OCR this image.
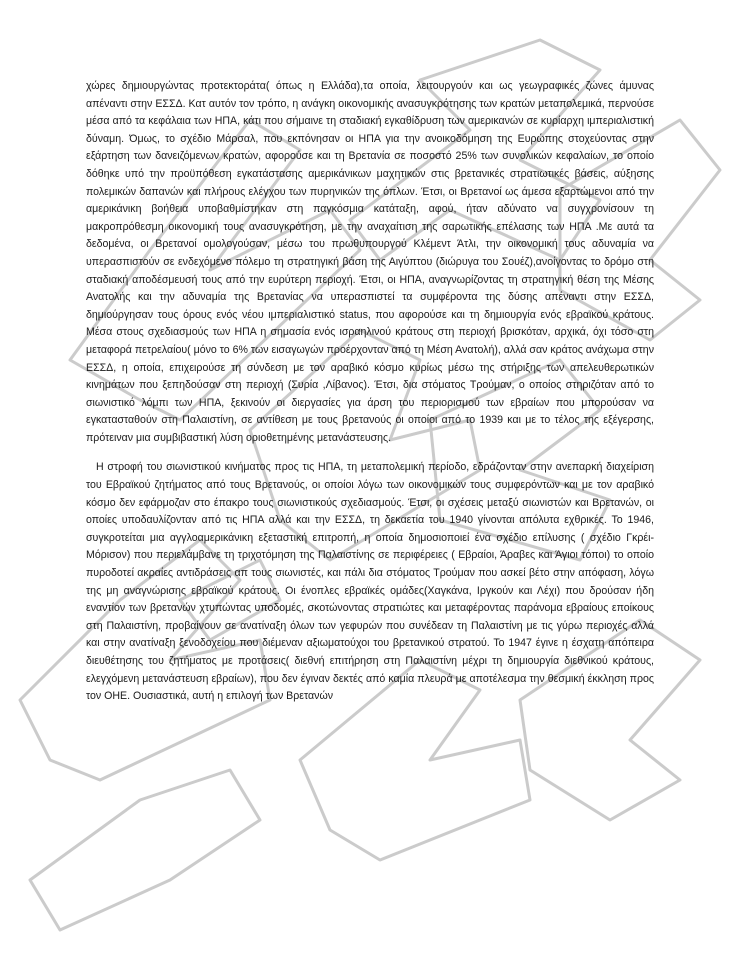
χώρες δημιουργώντας προτεκτοράτα( όπως η Ελλάδα),τα οποία, λειτουργούν και ως γεωγραφικές ζώνες άμυνας απέναντι στην ΕΣΣΔ. Κατ αυτόν τον τρόπο, η ανάγκη οικονομικής ανασυγκρότησης των κρατών μεταπολεμικά, περνούσε μέσα από τα κεφάλαια των ΗΠΑ, κάτι που σήμαινε τη σταδιακή εγκαθίδρυση των αμερικανών σε κυρίαρχη ιμπεριαλιστική δύναμη. Όμως, το σχέδιο Μάρσαλ, που εκπόνησαν οι ΗΠΑ για την ανοικοδόμηση της Ευρώπης στοχεύοντας στην εξάρτηση των δανειζόμενων κρατών, αφορούσε και τη Βρετανία σε ποσοστό 25% των συνολικών κεφαλαίων, το οποίο δόθηκε υπό την προϋπόθεση εγκατάστασης αμερικάνικων μαχητικών στις βρετανικές στρατιωτικές βάσεις, αύξησης πολεμικών δαπανών και πλήρους ελέγχου των πυρηνικών της όπλων. Έτσι, οι Βρετανοί ως άμεσα εξαρτώμενοι από την αμερικάνικη βοήθεια υποβαθμίστηκαν στη παγκόσμια κατάταξη, αφού, ήταν αδύνατο να συγχρονίσουν τη μακροπρόθεσμη οικονομική τους ανασυγκρότηση, με την αναχαίτιση της σαρωτικής επέλασης των ΗΠΑ .Με αυτά τα δεδομένα, οι Βρετανοί ομολογούσαν, μέσω του πρωθυπουργού Κλέμεντ Άτλι, την οικονομική τους αδυναμία να υπερασπιστούν σε ενδεχόμενο πόλεμο τη στρατηγική βάση της Αιγύπτου (διώρυγα του Σουέζ),ανοίγοντας το δρόμο στη σταδιακή αποδέσμευσή τους από την ευρύτερη περιοχή. Έτσι, οι ΗΠΑ, αναγνωρίζοντας τη στρατηγική θέση της Μέσης Ανατολής και την αδυναμία της Βρετανίας να υπερασπιστεί τα συμφέροντα της δύσης απέναντι στην ΕΣΣΔ, δημιούργησαν τους όρους ενός νέου ιμπεριαλιστικό status, που αφορούσε και τη δημιουργία ενός εβραϊκού κράτους. Μέσα στους σχεδιασμούς των ΗΠΑ η σημασία ενός ισραηλινού κράτους στη περιοχή βρισκόταν, αρχικά, όχι τόσο στη μεταφορά πετρελαίου( μόνο το 6% των εισαγωγών προέρχονταν από τη Μέση Ανατολή), αλλά σαν κράτος ανάχωμα στην ΕΣΣΔ, η οποία, επιχειρούσε τη σύνδεση με τον αραβικό κόσμο κυρίως μέσω της στήριξης των απελευθερωτικών κινημάτων που ξεπηδούσαν στη περιοχή (Συρία ,Λίβανος). Έτσι, δια στόματος Τρούμαν, ο οποίος στηριζόταν από το σιωνιστικό λόμπι των ΗΠΑ, ξεκινούν οι διεργασίες για άρση του περιορισμού των εβραίων που μπορούσαν να εγκατασταθούν στη Παλαιστίνη, σε αντίθεση με τους βρετανούς οι οποίοι από το 1939 και με το τέλος της εξέγερσης, πρότειναν μια συμβιβαστική λύση οριοθετημένης μετανάστευσης.

Η στροφή του σιωνιστικού κινήματος προς τις ΗΠΑ, τη μεταπολεμική περίοδο, εδράζονταν στην ανεπαρκή διαχείριση του Εβραϊκού ζητήματος από τους Βρετανούς, οι οποίοι λόγω των οικονομικών τους συμφερόντων και με τον αραβικό κόσμο δεν εφάρμοζαν στο έπακρο τους σιωνιστικούς σχεδιασμούς. Έτσι, οι σχέσεις μεταξύ σιωνιστών και Βρετανών, οι οποίες υποδαυλίζονταν από τις ΗΠΑ αλλά και την ΕΣΣΔ, τη δεκαετία του 1940 γίνονται απόλυτα εχθρικές. Το 1946, συγκροτείται μια αγγλοαμερικάνικη εξεταστική επιτροπή, η οποία δημοσιοποιεί ένα σχέδιο επίλυσης ( σχέδιο Γκρέι-Μόρισον) που περιελάμβανε τη τριχοτόμηση της Παλαιστίνης σε περιφέρειες ( Εβραίοι, Άραβες και Άγιοι τόποι) το οποίο πυροδοτεί ακραίες αντιδράσεις απ τους σιωνιστές, και πάλι δια στόματος Τρούμαν που ασκεί βέτο στην απόφαση, λόγω της μη αναγνώρισης εβραϊκού κράτους. Οι ένοπλες εβραϊκές ομάδες(Χαγκάνα, Ιργκούν και Λέχι) που δρούσαν ήδη εναντίον των βρετανών χτυπώντας υποδομές, σκοτώνοντας στρατιώτες και μεταφέροντας παράνομα εβραίους εποίκους στη Παλαιστίνη, προβαίνουν σε ανατίναξη όλων των γεφυρών που συνέδεαν τη Παλαιστίνη με τις γύρω περιοχές αλλά και στην ανατίναξη ξενοδοχείου που διέμεναν αξιωματούχοι του βρετανικού στρατού. Το 1947 έγινε η έσχατη απόπειρα διευθέτησης του ζητήματος με προτάσεις( διεθνή επιτήρηση στη Παλαιστίνη μέχρι τη δημιουργία διεθνικού κράτους, ελεγχόμενη μετανάστευση εβραίων), που δεν έγιναν δεκτές από καμία πλευρά με αποτέλεσμα την θεσμική έκκληση προς τον ΟΗΕ. Ουσιαστικά, αυτή η επιλογή των Βρετανών
